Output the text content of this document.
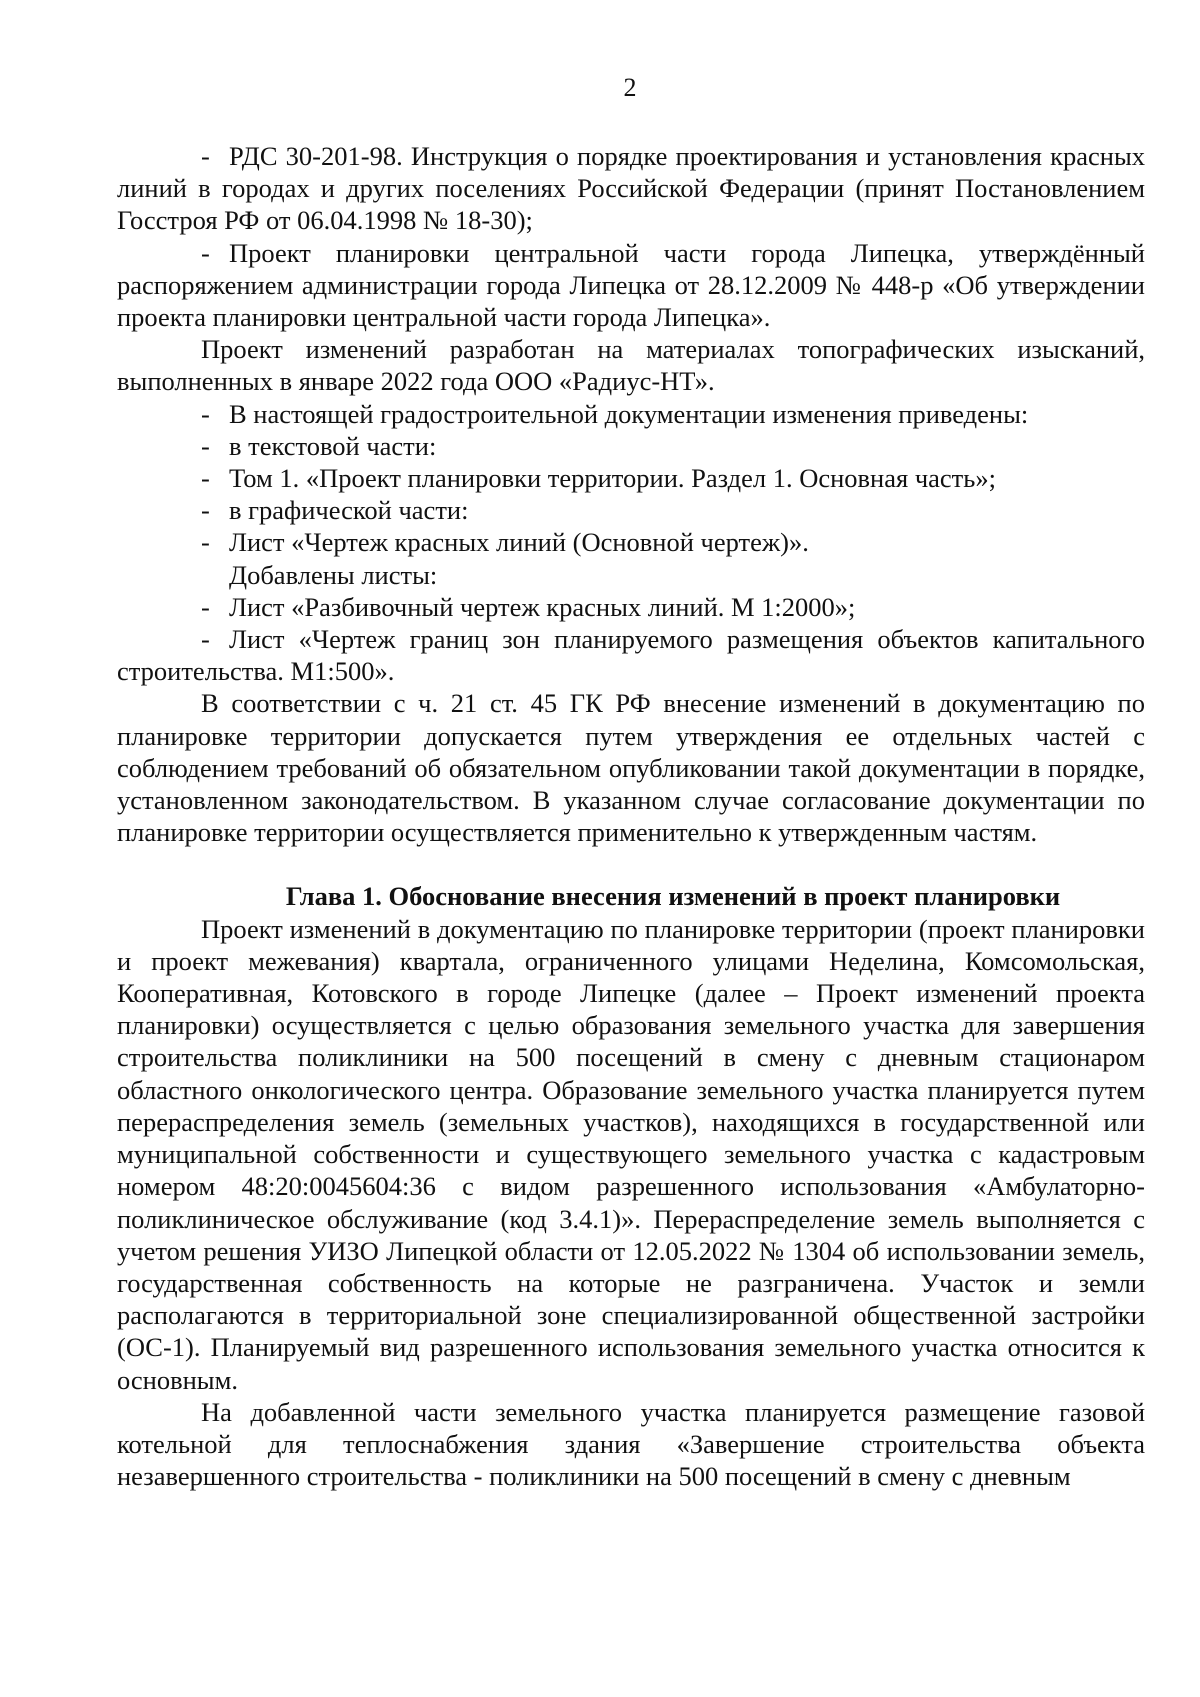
2

- РДС 30-201-98. Инструкция о порядке проектирования и установления красных линий в городах и других поселениях Российской Федерации (принят Постановлением Госстроя РФ от 06.04.1998 № 18-30);

- Проект планировки центральной части города Липецка, утверждённый распоряжением администрации города Липецка от 28.12.2009 № 448-р «Об утверждении проекта планировки центральной части города Липецка».

Проект изменений разработан на материалах топографических изысканий, выполненных в январе 2022 года ООО «Радиус-НТ».

- В настоящей градостроительной документации изменения приведены:

- в текстовой части:

- Том 1. «Проект планировки территории. Раздел 1. Основная часть»;

- в графической части:

- Лист «Чертеж красных линий (Основной чертеж)».

Добавлены листы:

- Лист «Разбивочный чертеж красных линий. М 1:2000»;

- Лист «Чертеж границ зон планируемого размещения объектов капитального строительства. М1:500».

В соответствии с ч. 21 ст. 45 ГК РФ внесение изменений в документацию по планировке территории допускается путем утверждения ее отдельных частей с соблюдением требований об обязательном опубликовании такой документации в порядке, установленном законодательством. В указанном случае согласование документации по планировке территории осуществляется применительно к утвержденным частям.

Глава 1. Обоснование внесения изменений в проект планировки

Проект изменений в документацию по планировке территории (проект планировки и проект межевания) квартала, ограниченного улицами Неделина, Комсомольская, Кооперативная, Котовского в городе Липецке (далее – Проект изменений проекта планировки) осуществляется с целью образования земельного участка для завершения строительства поликлиники на 500 посещений в смену с дневным стационаром областного онкологического центра. Образование земельного участка планируется путем перераспределения земель (земельных участков), находящихся в государственной или муниципальной собственности и существующего земельного участка с кадастровым номером 48:20:0045604:36 с видом разрешенного использования «Амбулаторно-поликлиническое обслуживание (код 3.4.1)». Перераспределение земель выполняется с учетом решения УИЗО Липецкой области от 12.05.2022 № 1304 об использовании земель, государственная собственность на которые не разграничена. Участок и земли располагаются в территориальной зоне специализированной общественной застройки (ОС-1). Планируемый вид разрешенного использования земельного участка относится к основным.

На добавленной части земельного участка планируется размещение газовой котельной для теплоснабжения здания «Завершение строительства объекта незавершенного строительства - поликлиники на 500 посещений в смену с дневным
